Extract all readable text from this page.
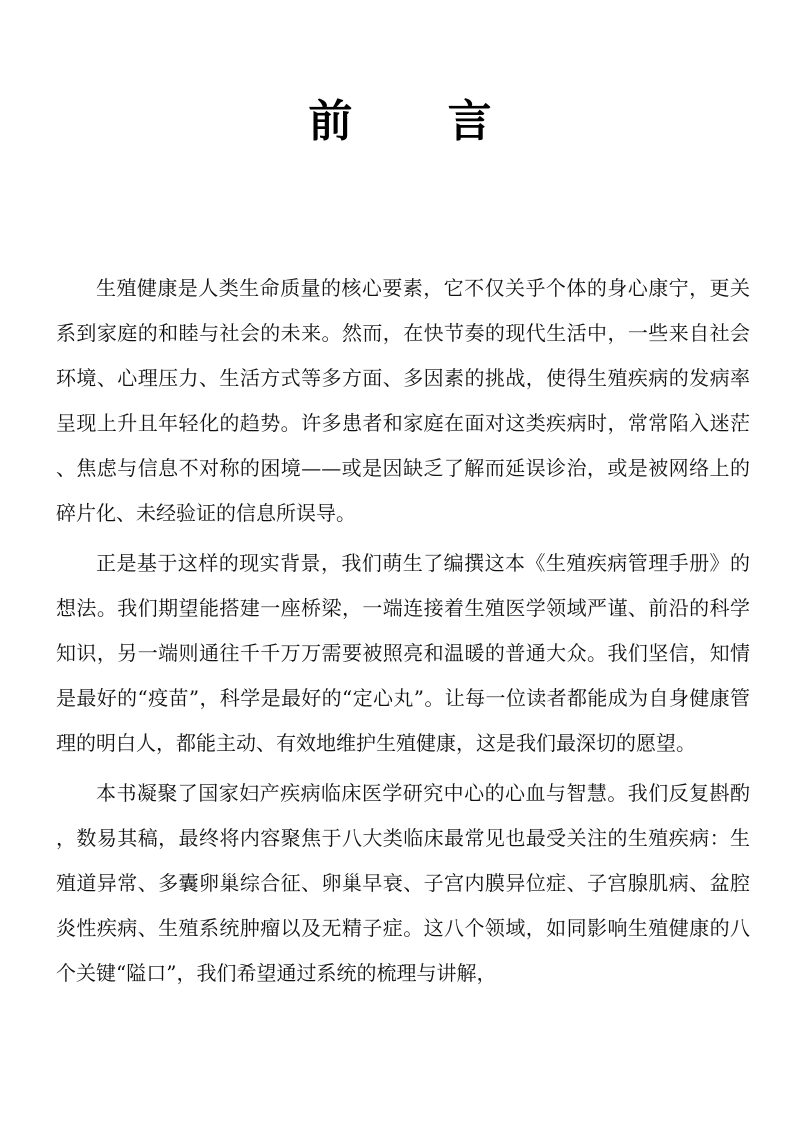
前 言

生殖健康是人类生命质量的核心要素，它不仅关乎个体的身心康宁，更关系到家庭的和睦与社会的未来。然而，在快节奏的现代生活中，一些来自社会环境、心理压力、生活方式等多方面、多因素的挑战，使得生殖疾病的发病率呈现上升且年轻化的趋势。许多患者和家庭在面对这类疾病时，常常陷入迷茫、焦虑与信息不对称的困境——或是因缺乏了解而延误诊治，或是被网络上的碎片化、未经验证的信息所误导。

正是基于这样的现实背景，我们萌生了编撰这本《生殖疾病管理手册》的想法。我们期望能搭建一座桥梁，一端连接着生殖医学领域严谨、前沿的科学知识，另一端则通往千千万万需要被照亮和温暖的普通大众。我们坚信，知情是最好的“疫苗”，科学是最好的“定心丸”。让每一位读者都能成为自身健康管理的明白人，都能主动、有效地维护生殖健康，这是我们最深切的愿望。

本书凝聚了国家妇产疾病临床医学研究中心的心血与智慧。我们反复斟酌，数易其稿，最终将内容聚焦于八大类临床最常见也最受关注的生殖疾病：生殖道异常、多囊卵巢综合征、卵巢早衰、子宫内膜异位症、子宫腺肌病、盆腔炎性疾病、生殖系统肿瘤以及无精子症。这八个领域，如同影响生殖健康的八个关键“隘口”，我们希望通过系统的梳理与讲解，
